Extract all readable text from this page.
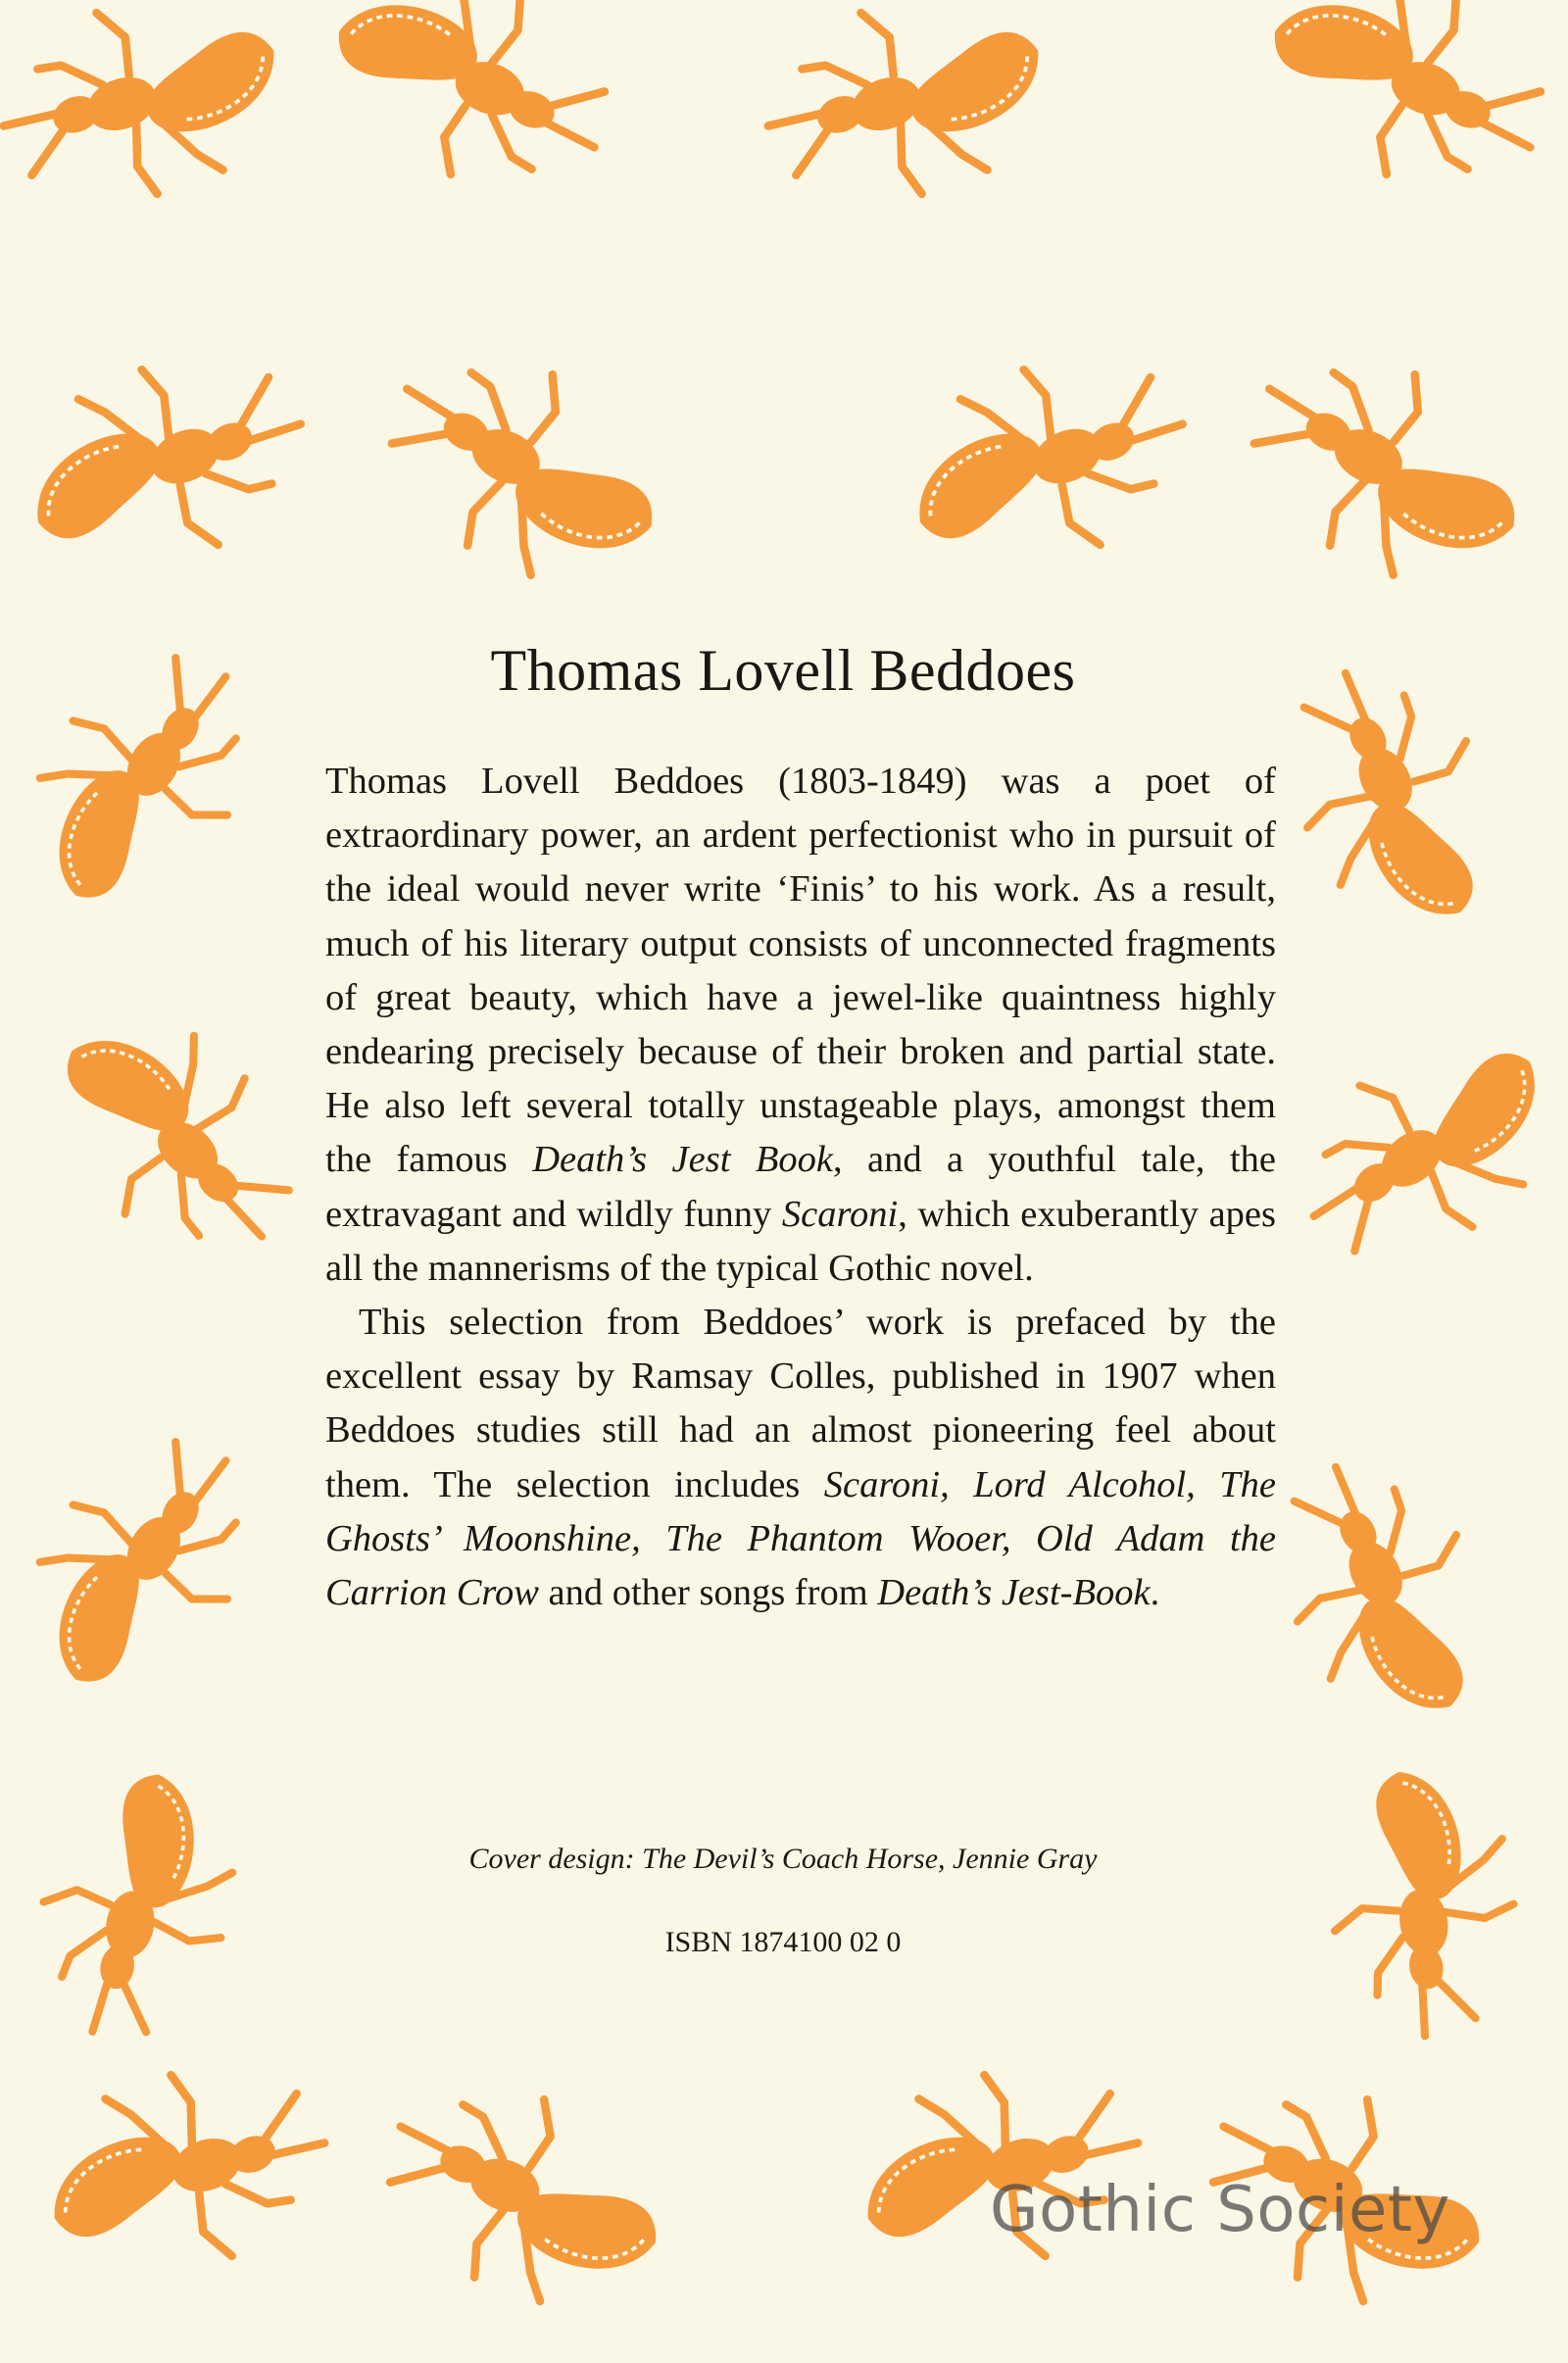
Thomas Lovell Beddoes

Thomas Lovell Beddoes (1803-1849) was a poet of extraordinary power, an ardent perfectionist who in pursuit of the ideal would never write ‘Finis’ to his work. As a result, much of his literary output consists of unconnected fragments of great beauty, which have a jewel-like quaintness highly endearing precisely because of their broken and partial state. He also left several totally unstageable plays, amongst them the famous Death’s Jest Book, and a youthful tale, the extravagant and wildly funny Scaroni, which exuberantly apes all the mannerisms of the typical Gothic novel.

This selection from Beddoes’ work is prefaced by the excellent essay by Ramsay Colles, published in 1907 when Beddoes studies still had an almost pioneering feel about them. The selection includes Scaroni, Lord Alcohol, The Ghosts’ Moonshine, The Phantom Wooer, Old Adam the Carrion Crow and other songs from Death’s Jest-Book.

Cover design: The Devil’s Coach Horse, Jennie Gray
ISBN 1874100 02 0
Gothic Society
